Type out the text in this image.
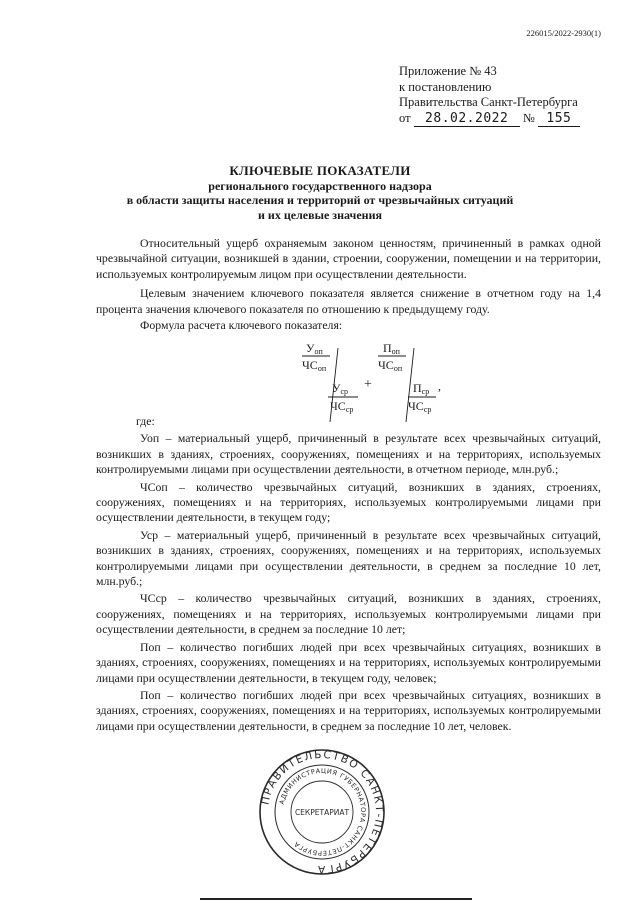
226015/2022-2930(1)
Приложение № 43
к постановлению
Правительства Санкт-Петербурга
от 28.02.2022 № 155
КЛЮЧЕВЫЕ ПОКАЗАТЕЛИ
регионального государственного надзора
в области защиты населения и территорий от чрезвычайных ситуаций
и их целевые значения
Относительный ущерб охраняемым законом ценностям, причиненный в рамках одной чрезвычайной ситуации, возникшей в здании, строении, сооружении, помещении и на территории, используемых контролируемым лицом при осуществлении деятельности.
Целевым значением ключевого показателя является снижение в отчетном году на 1,4 процента значения ключевого показателя по отношению к предыдущему году.
Формула расчета ключевого показателя:
Уоп
ЧСоп
Уср
ЧСср
+
Поп
ЧСоп
Пср
ЧСср
,

где:

Уоп – материальный ущерб, причиненный в результате всех чрезвычайных ситуаций, возникших в зданиях, строениях, сооружениях, помещениях и на территориях, используемых контролируемыми лицами при осуществлении деятельности, в отчетном периоде, млн.руб.;

ЧСоп – количество чрезвычайных ситуаций, возникших в зданиях, строениях, сооружениях, помещениях и на территориях, используемых контролируемыми лицами при осуществлении деятельности, в текущем году;

Уср – материальный ущерб, причиненный в результате всех чрезвычайных ситуаций, возникших в зданиях, строениях, сооружениях, помещениях и на территориях, используемых контролируемыми лицами при осуществлении деятельности, в среднем за последние 10 лет, млн.руб.;

ЧСср – количество чрезвычайных ситуаций, возникших в зданиях, строениях, сооружениях, помещениях и на территориях, используемых контролируемыми лицами при осуществлении деятельности, в среднем за последние 10 лет;

Поп – количество погибших людей при всех чрезвычайных ситуациях, возникших в зданиях, строениях, сооружениях, помещениях и на территориях, используемых контролируемыми лицами при осуществлении деятельности, в текущем году, человек;

Поп – количество погибших людей при всех чрезвычайных ситуациях, возникших в зданиях, строениях, сооружениях, помещениях и на территориях, используемых контролируемыми лицами при осуществлении деятельности, в среднем за последние 10 лет, человек.

ПРАВИТЕЛЬСТВО САНКТ-ПЕТЕРБУРГА
АДМИНИСТРАЦИЯ ГУБЕРНАТОРА САНКТ-ПЕТЕРБУРГА
СЕКРЕТАРИАТ
